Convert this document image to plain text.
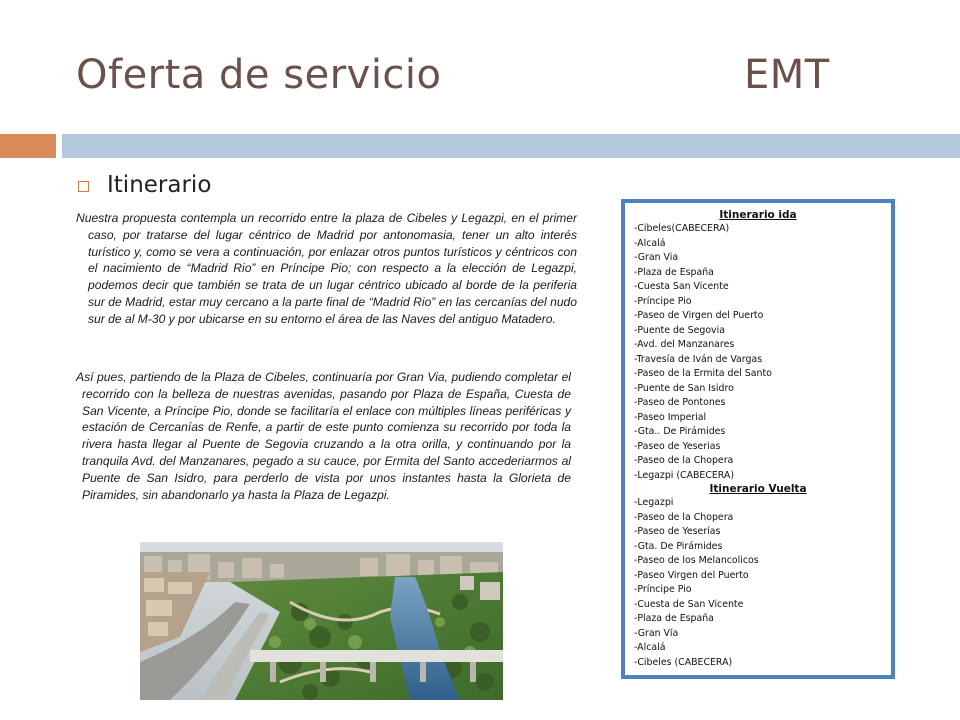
Oferta de servicio	EMT
Itinerario

Nuestra propuesta contempla un recorrido entre la plaza de Cibeles y Legazpi, en el primer caso, por tratarse del lugar céntrico de Madrid por antonomasia, tener un alto interés turístico y, como se vera a continuación, por enlazar otros puntos turísticos y céntricos con el nacimiento de “Madrid Rio” en Príncipe Pio; con respecto a la elección de Legazpi, podemos decir que también se trata de un lugar céntrico ubicado al borde de la periferia sur de Madrid, estar muy cercano a la parte final de “Madrid Rio” en las cercanías del nudo sur de al M-30 y por ubicarse en su entorno el área de las Naves del antiguo Matadero.

Así pues, partiendo de la Plaza de Cibeles, continuaría por Gran Via, pudiendo completar el recorrido con la belleza de nuestras avenidas, pasando por Plaza de España, Cuesta de San Vicente, a Príncipe Pio, donde se facilitaría el enlace con múltiples líneas periféricas y estación de Cercanías de Renfe, a partir de este punto comienza su recorrido por toda la rivera hasta llegar al Puente de Segovia cruzando a la otra orilla, y continuando por la tranquila Avd. del Manzanares, pegado a su cauce, por Ermita del Santo accederiarmos al Puente de San Isidro, para perderlo de vista por unos instantes hasta la Glorieta de Piramides, sin abandonarlo ya hasta la Plaza de Legazpi.

Itinerario ida
-Cibeles(CABECERA)
-Alcalá
-Gran Via
-Plaza de España
-Cuesta San Vicente
-Príncipe Pio
-Paseo de Virgen del Puerto
-Puente de Segovia
-Avd. del Manzanares
-Travesía de Iván de Vargas
-Paseo de la Ermita del Santo
-Puente de San Isidro
-Paseo de Pontones
-Paseo Imperial
-Gta.. De Pirámides
-Paseo de Yeserias
-Paseo de la Chopera
-Legazpi (CABECERA)
Itinerario Vuelta
-Legazpi
-Paseo de la Chopera
-Paseo de Yeserías
-Gta. De Pirámides
-Paseo de los Melancolicos
-Paseo Virgen del Puerto
-Príncipe Pio
-Cuesta de San Vicente
-Plaza de España
-Gran Vía
-Alcalá
-Cibeles (CABECERA)
